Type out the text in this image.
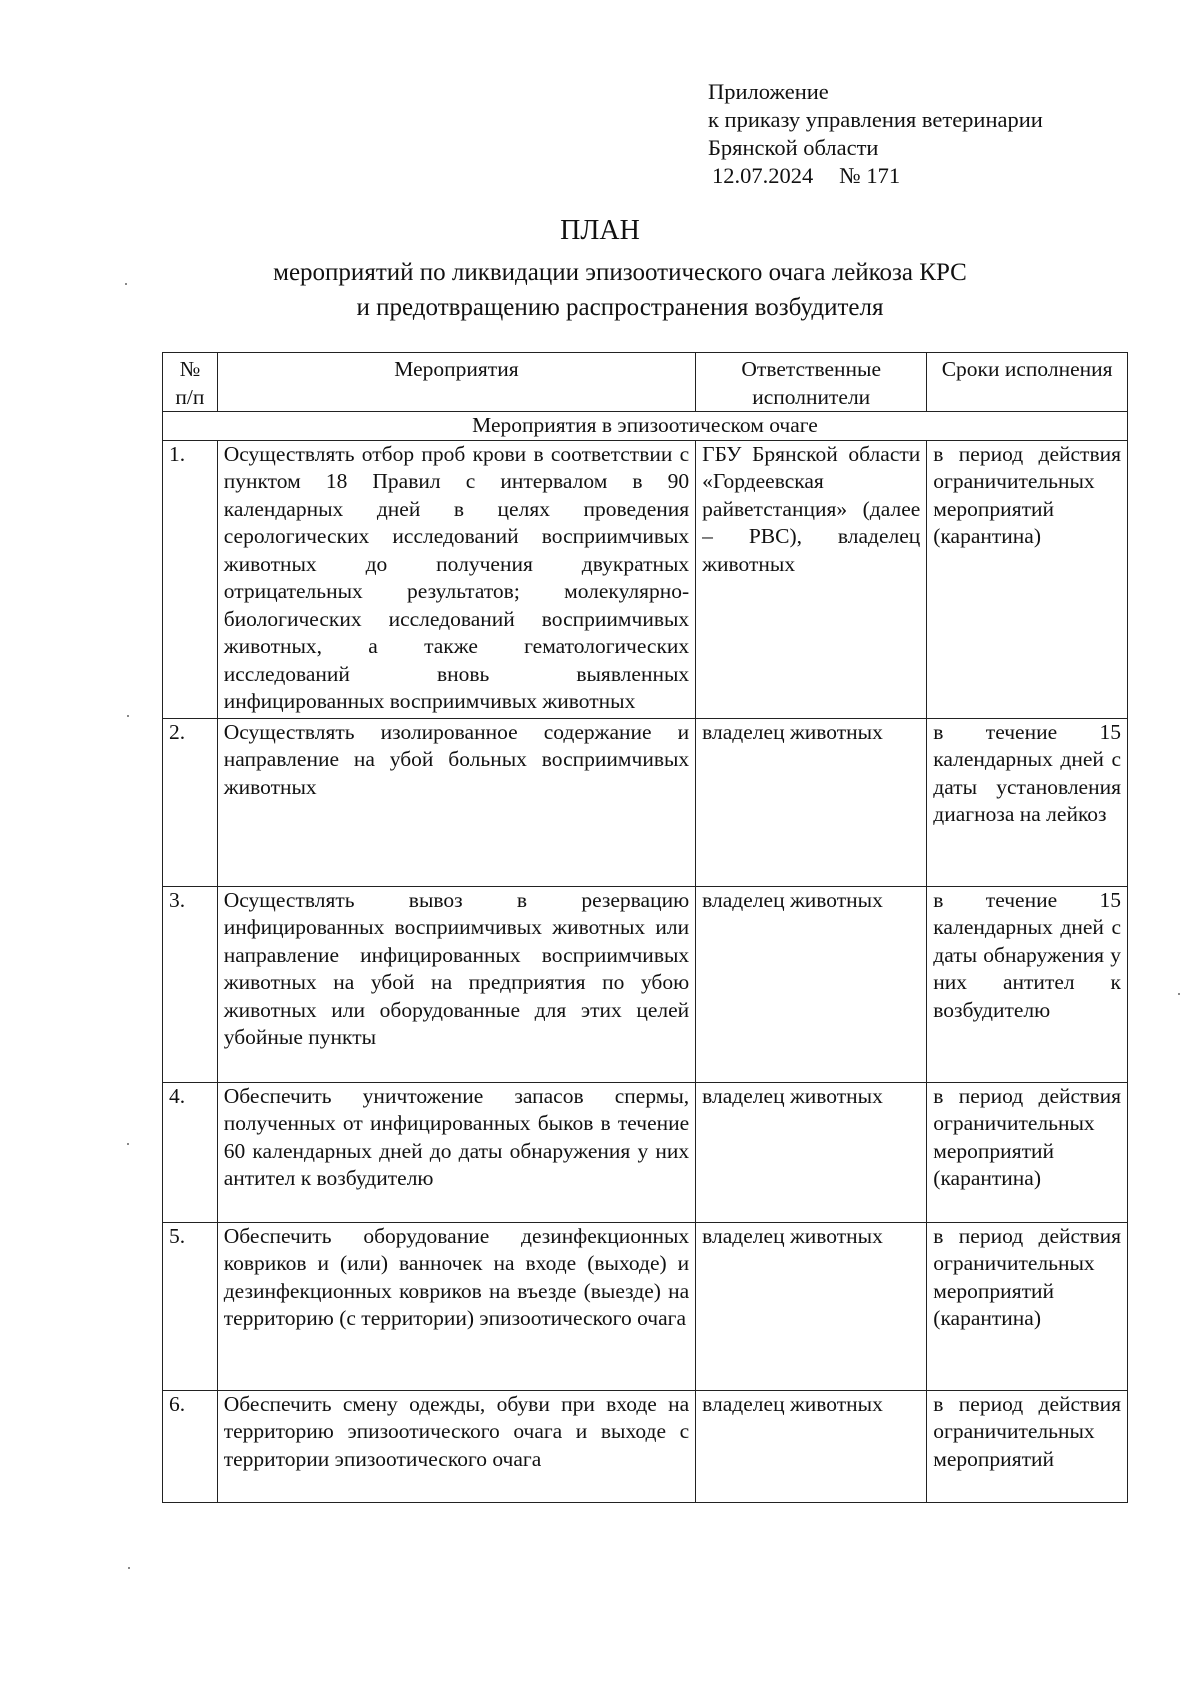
Приложение
к приказу управления ветеринарии
Брянской области
12.07.2024 № 171
ПЛАН
мероприятий по ликвидации эпизоотического очага лейкоза КРС
и предотвращению распространения возбудителя
№ п/п	Мероприятия	Ответственные исполнители	Сроки исполнения
Мероприятия в эпизоотическом очаге			
1.	Осуществлять отбор проб крови в соответствии с пунктом 18 Правил с интервалом в 90 календарных дней в целях проведения серологических исследований восприимчивых животных до получения двукратных отрицательных результатов; молекулярно-биологических исследований восприимчивых животных, а также гематологических исследований вновь выявленных инфицированных восприимчивых животных	ГБУ Брянской области «Гордеевская райветстанция» (далее – РВС), владелец животных	в период действия ограничительных мероприятий (карантина)
2.	Осуществлять изолированное содержание и направление на убой больных восприимчивых животных	владелец животных	в течение 15 календарных дней с даты установления диагноза на лейкоз
3.	Осуществлять вывоз в резервацию инфицированных восприимчивых животных или направление инфицированных восприимчивых животных на убой на предприятия по убою животных или оборудованные для этих целей убойные пункты	владелец животных	в течение 15 календарных дней с даты обнаружения у них антител к возбудителю
4.	Обеспечить уничтожение запасов спермы, полученных от инфицированных быков в течение 60 календарных дней до даты обнаружения у них антител к возбудителю	владелец животных	в период действия ограничительных мероприятий (карантина)
5.	Обеспечить оборудование дезинфекционных ковриков и (или) ванночек на входе (выходе) и дезинфекционных ковриков на въезде (выезде) на территорию (с территории) эпизоотического очага	владелец животных	в период действия ограничительных мероприятий (карантина)
6.	Обеспечить смену одежды, обуви при входе на территорию эпизоотического очага и выходе с территории эпизоотического очага	владелец животных	в период действия ограничительных мероприятий
